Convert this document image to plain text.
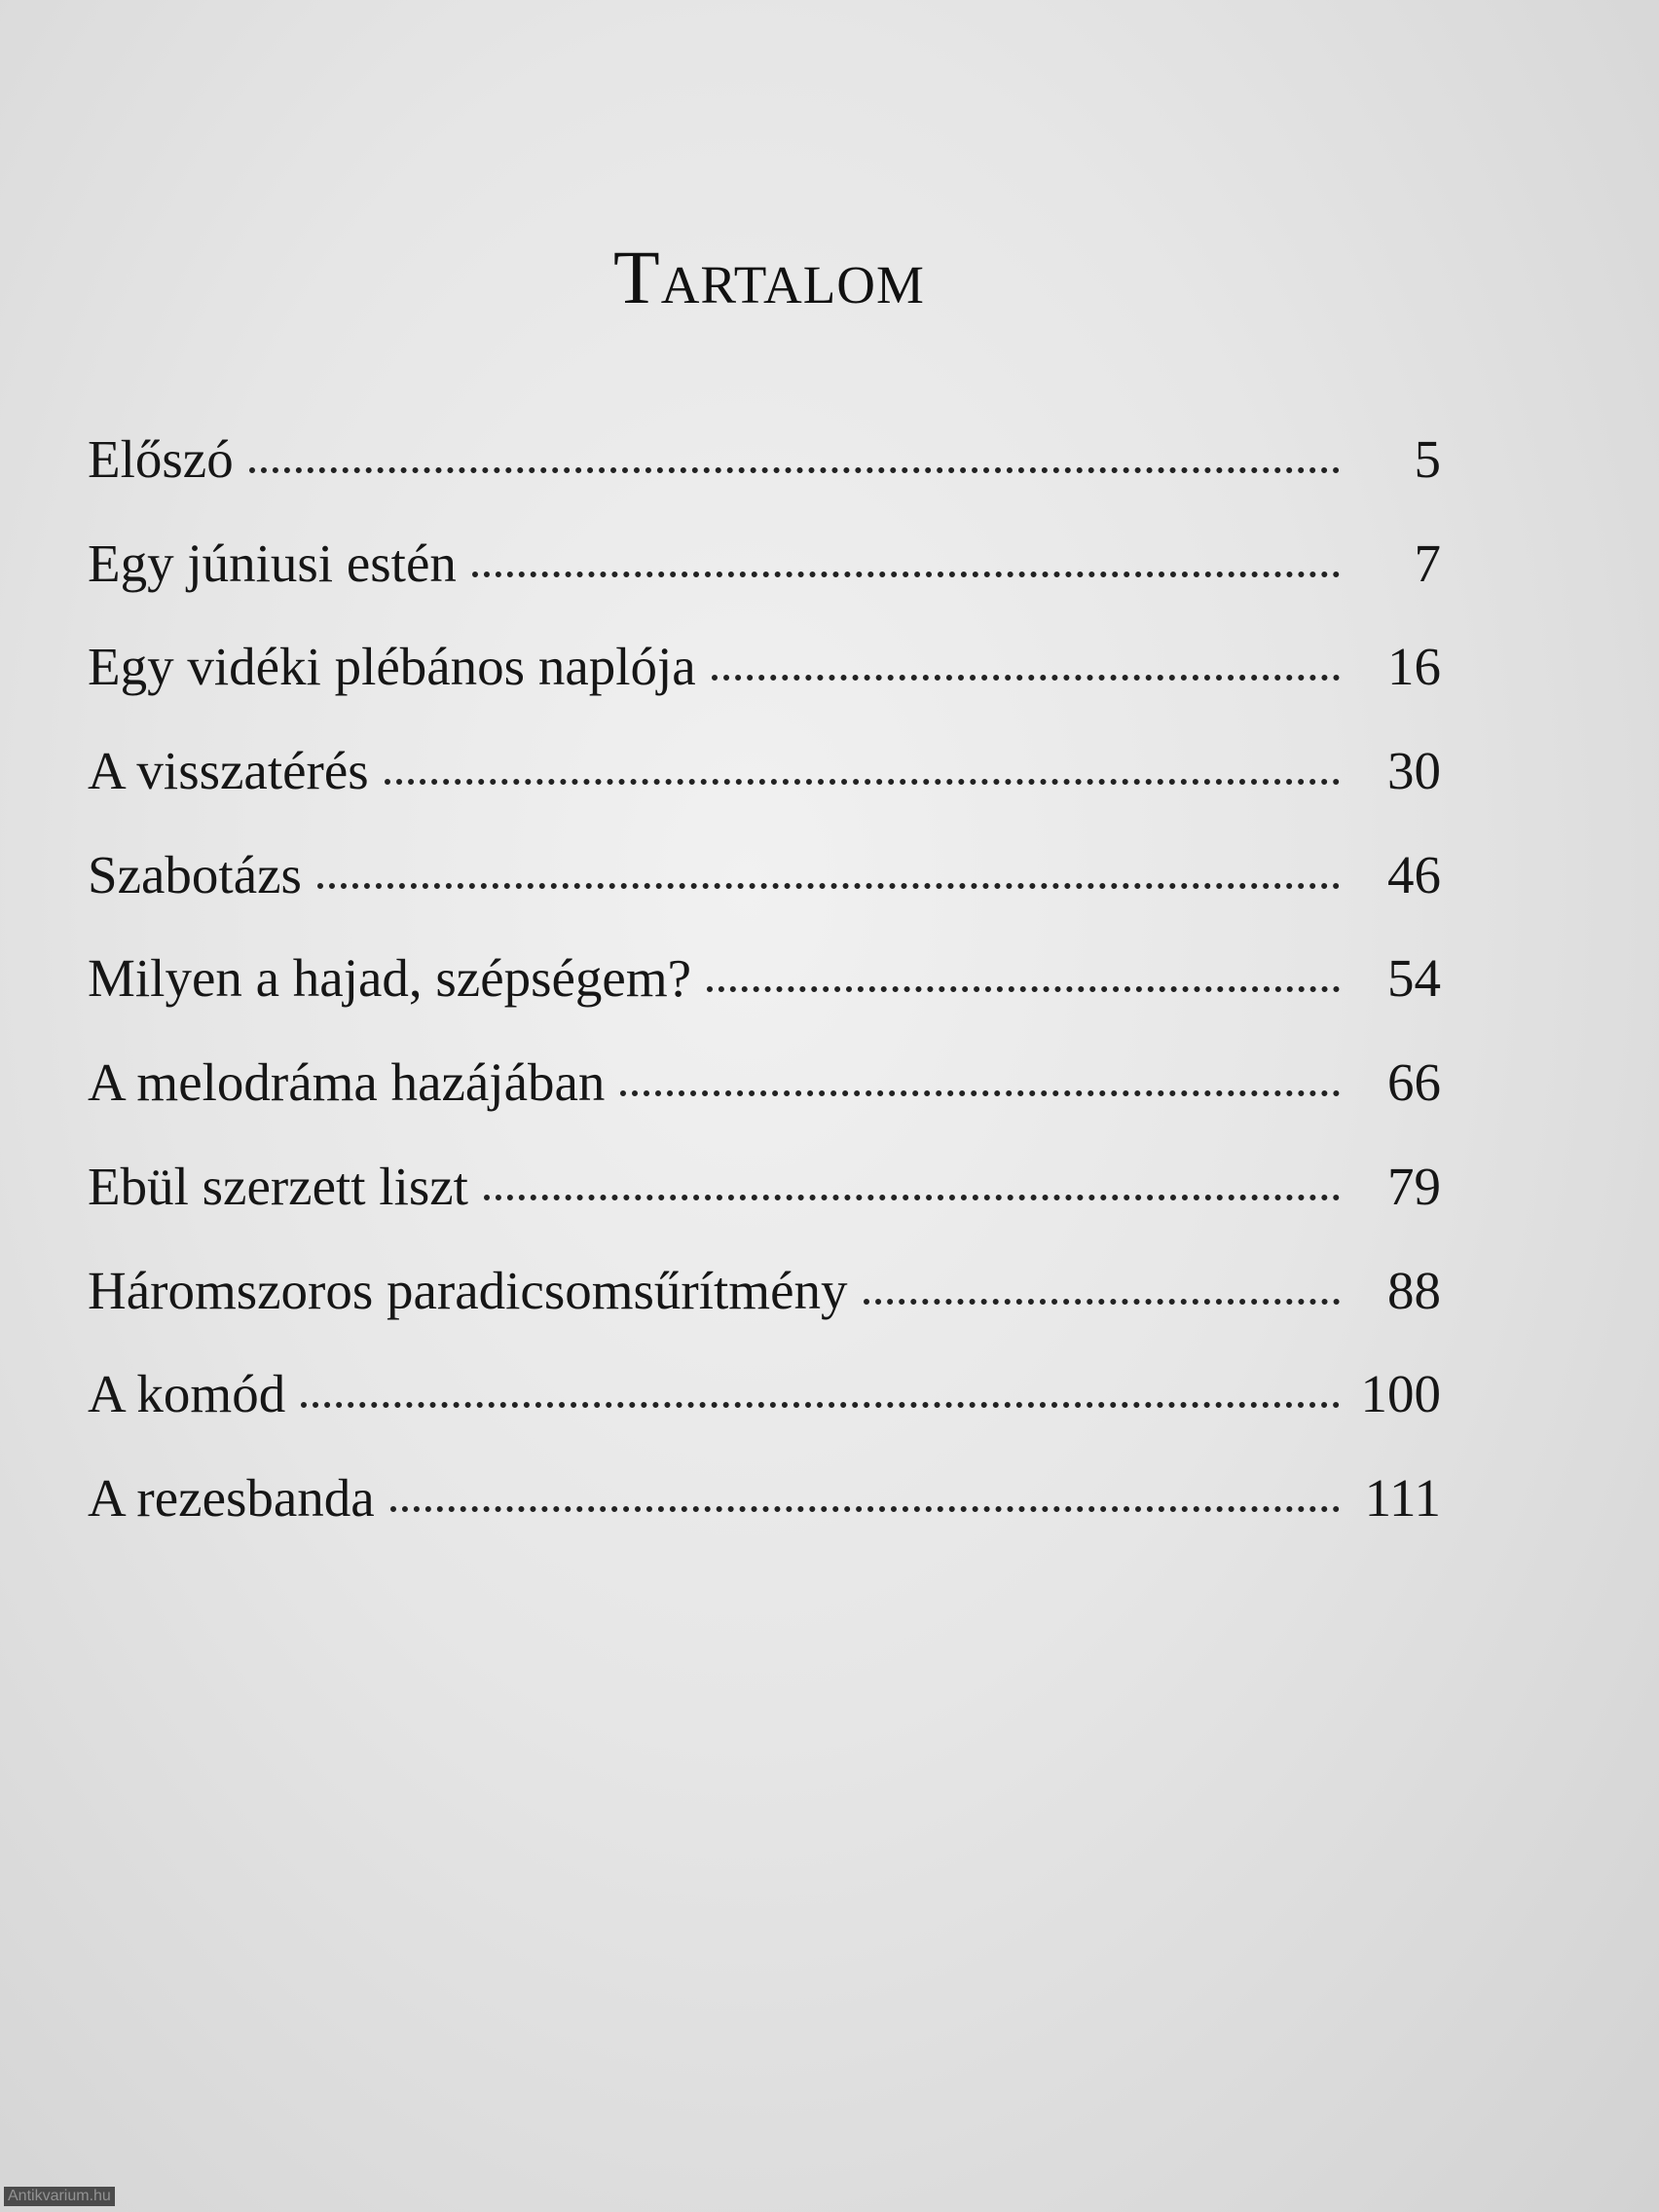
Tartalom
Előszó	5
Egy júniusi estén	7
Egy vidéki plébános naplója	16
A visszatérés	30
Szabotázs	46
Milyen a hajad, szépségem?	54
A melodráma hazájában	66
Ebül szerzett liszt	79
Háromszoros paradicsomsűrítmény	88
A komód	100
A rezesbanda	111
Antikvarium.hu
